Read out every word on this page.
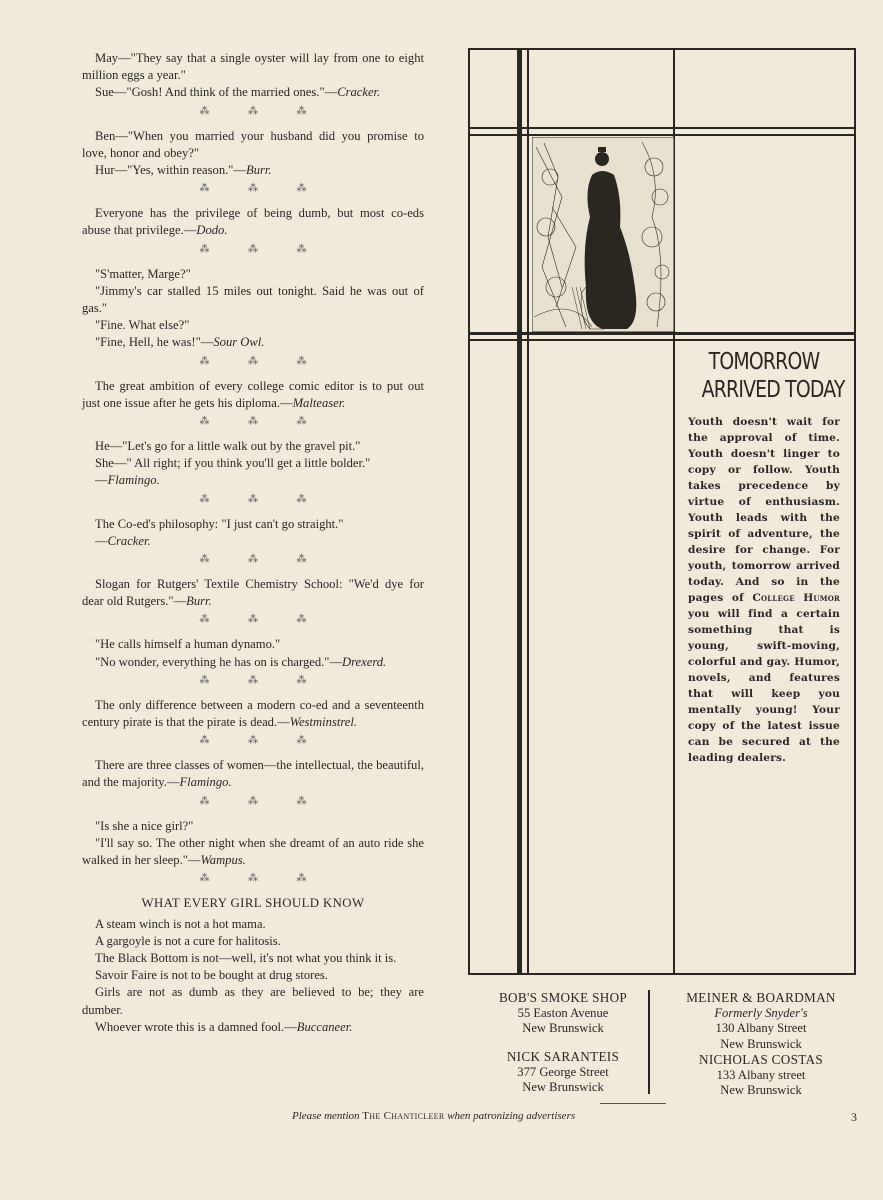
May—"They say that a single oyster will lay from one to eight million eggs a year."

Sue—"Gosh! And think of the married ones."—Cracker.

⁂ ⁂ ⁂

Ben—"When you married your husband did you promise to love, honor and obey?"

Hur—"Yes, within reason."—Burr.

⁂ ⁂ ⁂

Everyone has the privilege of being dumb, but most co-eds abuse that privilege.—Dodo.

⁂ ⁂ ⁂

"S'matter, Marge?"

"Jimmy's car stalled 15 miles out tonight. Said he was out of gas."

"Fine. What else?"

"Fine, Hell, he was!"—Sour Owl.

⁂ ⁂ ⁂

The great ambition of every college comic editor is to put out just one issue after he gets his diploma.—Malteaser.

⁂ ⁂ ⁂

He—"Let's go for a little walk out by the gravel pit."

She—" All right; if you think you'll get a little bolder."

—Flamingo.

⁂ ⁂ ⁂

The Co-ed's philosophy: "I just can't go straight."

—Cracker.

⁂ ⁂ ⁂

Slogan for Rutgers' Textile Chemistry School: "We'd dye for dear old Rutgers."—Burr.

⁂ ⁂ ⁂

"He calls himself a human dynamo."

"No wonder, everything he has on is charged."—Drexerd.

⁂ ⁂ ⁂

The only difference between a modern co-ed and a seventeenth century pirate is that the pirate is dead.—Westminstrel.

⁂ ⁂ ⁂

There are three classes of women—the intellectual, the beautiful, and the majority.—Flamingo.

⁂ ⁂ ⁂

"Is she a nice girl?"

"I'll say so. The other night when she dreamt of an auto ride she walked in her sleep."—Wampus.

⁂ ⁂ ⁂
WHAT EVERY GIRL SHOULD KNOW

A steam winch is not a hot mama.

A gargoyle is not a cure for halitosis.

The Black Bottom is not—well, it's not what you think it is.

Savoir Faire is not to be bought at drug stores.

Girls are not as dumb as they are believed to be; they are dumber.

Whoever wrote this is a damned fool.—Buccaneer.

TOMORROW
ARRIVED TODAY
Youth doesn't wait for the approval of time. Youth doesn't linger to copy or follow. Youth takes precedence by virtue of enthusiasm. Youth leads with the spirit of adventure, the desire for change. For youth, tomorrow arrived today. And so in the pages of College Humor you will find a certain something that is young, swift-moving, colorful and gay. Humor, novels, and features that will keep you mentally young! Your copy of the latest issue can be secured at the leading dealers.
BOB'S SMOKE SHOP
55 Easton Avenue
New Brunswick
NICK SARANTEIS
377 George Street
New Brunswick
MEINER & BOARDMAN
Formerly Snyder's
130 Albany Street
New Brunswick
NICHOLAS COSTAS
133 Albany street
New Brunswick
Please mention The Chanticleer when patronizing advertisers	3
